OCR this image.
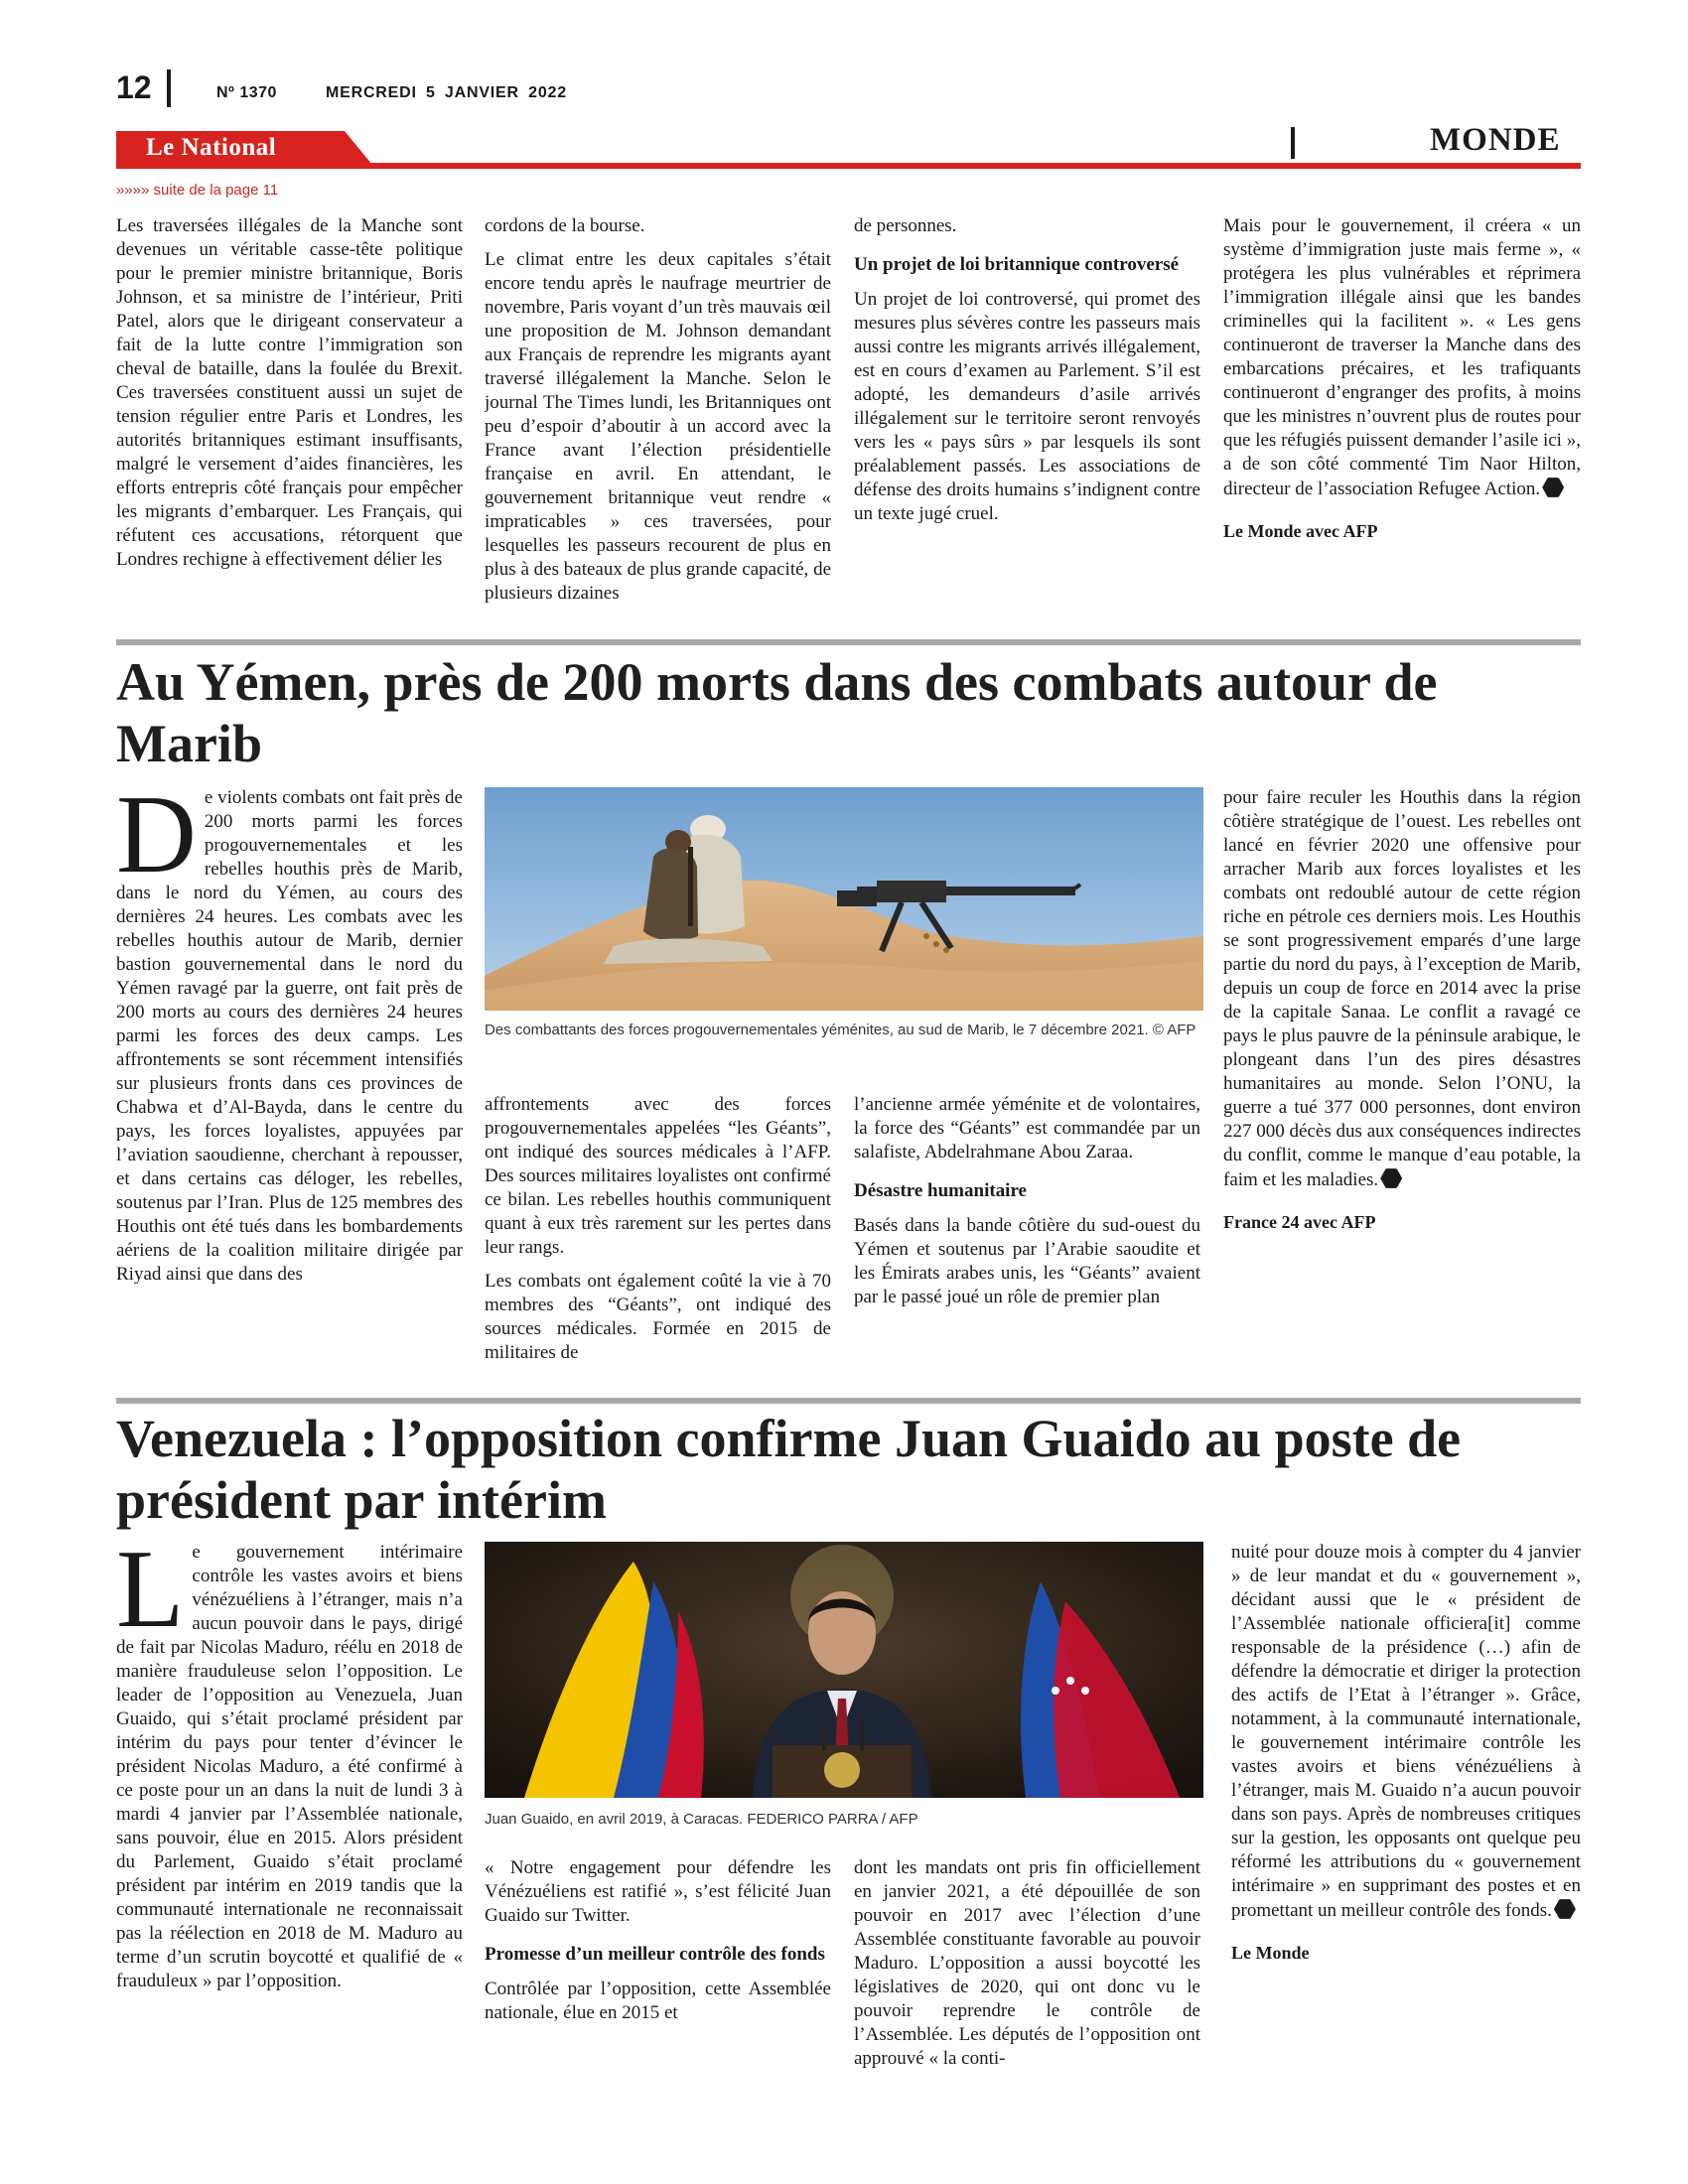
12	Nº 1370	MERCREDI 5 JANVIER 2022
Le National	MONDE
»»»» suite de la page 11

Les traversées illégales de la Manche sont devenues un véritable casse-tête politique pour le premier ministre britannique, Boris Johnson, et sa ministre de l’intérieur, Priti Patel, alors que le dirigeant conservateur a fait de la lutte contre l’immigration son cheval de bataille, dans la foulée du Brexit. Ces traversées constituent aussi un sujet de tension régulier entre Paris et Londres, les autorités britanniques estimant insuffisants, malgré le versement d’aides financières, les efforts entrepris côté français pour empêcher les migrants d’embarquer. Les Français, qui réfutent ces accusations, rétorquent que Londres rechigne à effectivement délier les

cordons de la bourse.

Le climat entre les deux capitales s’était encore tendu après le naufrage meurtrier de novembre, Paris voyant d’un très mauvais œil une proposition de M. Johnson demandant aux Français de reprendre les migrants ayant traversé illégalement la Manche. Selon le journal The Times lundi, les Britanniques ont peu d’espoir d’aboutir à un accord avec la France avant l’élection présidentielle française en avril. En attendant, le gouvernement britannique veut rendre « impraticables » ces traversées, pour lesquelles les passeurs recourent de plus en plus à des bateaux de plus grande capacité, de plusieurs dizaines

de personnes.

Un projet de loi britannique controversé

Un projet de loi controversé, qui promet des mesures plus sévères contre les passeurs mais aussi contre les migrants arrivés illégalement, est en cours d’examen au Parlement. S’il est adopté, les demandeurs d’asile arrivés illégalement sur le territoire seront renvoyés vers les « pays sûrs » par lesquels ils sont préalablement passés. Les associations de défense des droits humains s’indignent contre un texte jugé cruel.

Mais pour le gouvernement, il créera « un système d’immigration juste mais ferme », « protégera les plus vulnérables et réprimera l’immigration illégale ainsi que les bandes criminelles qui la facilitent ». « Les gens continueront de traverser la Manche dans des embarcations précaires, et les trafiquants continueront d’engranger des profits, à moins que les ministres n’ouvrent plus de routes pour que les réfugiés puissent demander l’asile ici », a de son côté commenté Tim Naor Hilton, directeur de l’association Refugee Action.

Le Monde avec AFP
Au Yémen, près de 200 morts dans des combats autour de Marib
D e violents combats ont fait près de 200 morts parmi les forces progouvernementales et les rebelles houthis près de Marib, dans le nord du Yémen, au cours des dernières 24 heures. Les combats avec les rebelles houthis autour de Marib, dernier bastion gouvernemental dans le nord du Yémen ravagé par la guerre, ont fait près de 200 morts au cours des dernières 24 heures parmi les forces des deux camps. Les affrontements se sont récemment intensifiés sur plusieurs fronts dans ces provinces de Chabwa et d’Al-Bayda, dans le centre du pays, les forces loyalistes, appuyées par l’aviation saoudienne, cherchant à repousser, et dans certains cas déloger, les rebelles, soutenus par l’Iran. Plus de 125 membres des Houthis ont été tués dans les bombardements aériens de la coalition militaire dirigée par Riyad ainsi que dans des
Des combattants des forces progouvernementales yéménites, au sud de Marib, le 7 décembre 2021. © AFP

affrontements avec des forces progouvernementales appelées “les Géants”, ont indiqué des sources médicales à l’AFP. Des sources militaires loyalistes ont confirmé ce bilan. Les rebelles houthis communiquent quant à eux très rarement sur les pertes dans leur rangs.

Les combats ont également coûté la vie à 70 membres des “Géants”, ont indiqué des sources médicales. Formée en 2015 de militaires de

l’ancienne armée yéménite et de volontaires, la force des “Géants” est commandée par un salafiste, Abdelrahmane Abou Zaraa.

Désastre humanitaire

Basés dans la bande côtière du sud-ouest du Yémen et soutenus par l’Arabie saoudite et les Émirats arabes unis, les “Géants” avaient par le passé joué un rôle de premier plan

pour faire reculer les Houthis dans la région côtière stratégique de l’ouest. Les rebelles ont lancé en février 2020 une offensive pour arracher Marib aux forces loyalistes et les combats ont redoublé autour de cette région riche en pétrole ces derniers mois. Les Houthis se sont progressivement emparés d’une large partie du nord du pays, à l’exception de Marib, depuis un coup de force en 2014 avec la prise de la capitale Sanaa. Le conflit a ravagé ce pays le plus pauvre de la péninsule arabique, le plongeant dans l’un des pires désastres humanitaires au monde. Selon l’ONU, la guerre a tué 377 000 personnes, dont environ 227 000 décès dus aux conséquences indirectes du conflit, comme le manque d’eau potable, la faim et les maladies.

France 24 avec AFP
Venezuela : l’opposition confirme Juan Guaido au poste de président par intérim
L e gouvernement intérimaire contrôle les vastes avoirs et biens vénézuéliens à l’étranger, mais n’a aucun pouvoir dans le pays, dirigé de fait par Nicolas Maduro, réélu en 2018 de manière frauduleuse selon l’opposition. Le leader de l’opposition au Venezuela, Juan Guaido, qui s’était proclamé président par intérim du pays pour tenter d’évincer le président Nicolas Maduro, a été confirmé à ce poste pour un an dans la nuit de lundi 3 à mardi 4 janvier par l’Assemblée nationale, sans pouvoir, élue en 2015. Alors président du Parlement, Guaido s’était proclamé président par intérim en 2019 tandis que la communauté internationale ne reconnaissait pas la réélection en 2018 de M. Maduro au terme d’un scrutin boycotté et qualifié de « frauduleux » par l’opposition.
Juan Guaido, en avril 2019, à Caracas. FEDERICO PARRA / AFP

« Notre engagement pour défendre les Vénézuéliens est ratifié », s’est félicité Juan Guaido sur Twitter.

Promesse d’un meilleur contrôle des fonds

Contrôlée par l’opposition, cette Assemblée nationale, élue en 2015 et

dont les mandats ont pris fin officiellement en janvier 2021, a été dépouillée de son pouvoir en 2017 avec l’élection d’une Assemblée constituante favorable au pouvoir Maduro. L’opposition a aussi boycotté les législatives de 2020, qui ont donc vu le pouvoir reprendre le contrôle de l’Assemblée. Les députés de l’opposition ont approuvé « la conti-

nuité pour douze mois à compter du 4 janvier » de leur mandat et du « gouvernement », décidant aussi que le « président de l’Assemblée nationale officiera[it] comme responsable de la présidence (…) afin de défendre la démocratie et diriger la protection des actifs de l’Etat à l’étranger ». Grâce, notamment, à la communauté internationale, le gouvernement intérimaire contrôle les vastes avoirs et biens vénézuéliens à l’étranger, mais M. Guaido n’a aucun pouvoir dans son pays. Après de nombreuses critiques sur la gestion, les opposants ont quelque peu réformé les attributions du « gouvernement intérimaire » en supprimant des postes et en promettant un meilleur contrôle des fonds.

Le Monde
